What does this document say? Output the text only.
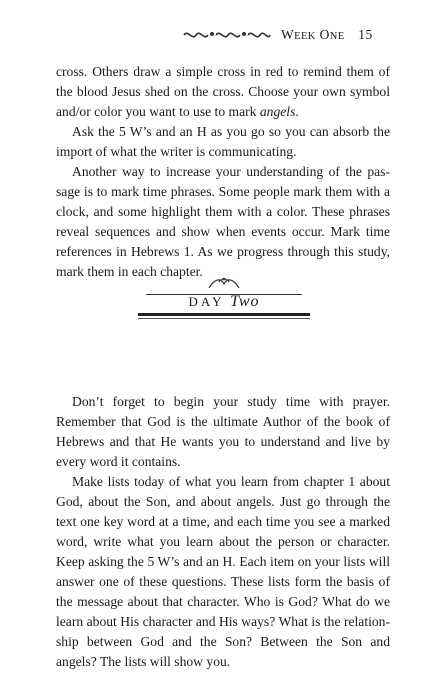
WEEK ONE 15

cross. Others draw a simple cross in red to remind them of the blood Jesus shed on the cross. Choose your own symbol and/or color you want to use to mark angels.

Ask the 5 W’s and an H as you go so you can absorb the import of what the writer is communicating.

Another way to increase your understanding of the passage is to mark time phrases. Some people mark them with a clock, and some highlight them with a color. These phrases reveal sequences and show when events occur. Mark time references in Hebrews 1. As we progress through this study, mark them in each chapter.

DAY Two

Don’t forget to begin your study time with prayer. Remember that God is the ultimate Author of the book of Hebrews and that He wants you to understand and live by every word it contains.

Make lists today of what you learn from chapter 1 about God, about the Son, and about angels. Just go through the text one key word at a time, and each time you see a marked word, write what you learn about the person or character. Keep asking the 5 W’s and an H. Each item on your lists will answer one of these questions. These lists form the basis of the message about that character. Who is God? What do we learn about His character and His ways? What is the relationship between God and the Son? Between the Son and angels? The lists will show you.
